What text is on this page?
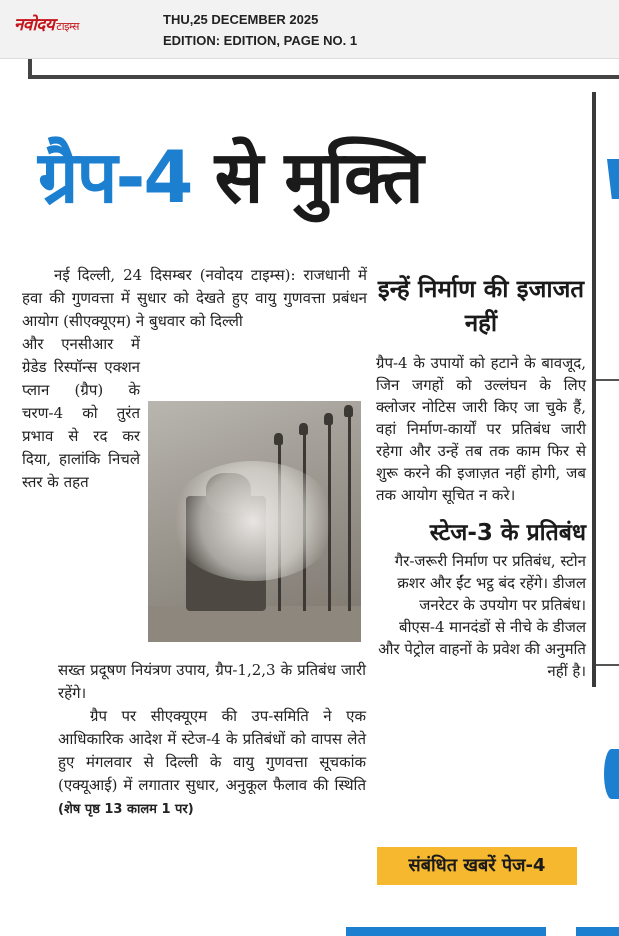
नवोदय टाइम्स	THU,25 DECEMBER 2025
EDITION: EDITION, PAGE NO. 1
ग्रैप-4 से मुक्ति

नई दिल्ली, 24 दिसम्बर (नवोदय टाइम्स): राजधानी में हवा की गुणवत्ता में सुधार को देखते हुए वायु गुणवत्ता प्रबंधन आयोग (सीएक्यूएम) ने बुधवार को दिल्ली

और एनसीआर में ग्रेडेड रिस्पॉन्स एक्शन प्लान (ग्रैप) के चरण-4 को तुरंत प्रभाव से रद कर दिया, हालांकि निचले स्तर के तहत

सख्त प्रदूषण नियंत्रण उपाय, ग्रैप-1,2,3 के प्रतिबंध जारी रहेंगे।

ग्रैप पर सीएक्यूएम की उप-समिति ने एक आधिकारिक आदेश में स्टेज-4 के प्रतिबंधों को वापस लेते हुए मंगलवार से दिल्ली के वायु गुणवत्ता सूचकांक (एक्यूआई) में लगातार सुधार, अनुकूल फैलाव की स्थिति (शेष पृष्ठ 13 कालम 1 पर)

इन्हें निर्माण की इजाजत नहीं
ग्रैप-4 के उपायों को हटाने के बावजूद, जिन जगहों को उल्लंघन के लिए क्लोजर नोटिस जारी किए जा चुके हैं, वहां निर्माण-कार्यों पर प्रतिबंध जारी रहेगा और उन्हें तब तक काम फिर से शुरू करने की इजाज़त नहीं होगी, जब तक आयोग सूचित न करे।
स्टेज-3 के प्रतिबंध
गैर-जरूरी निर्माण पर प्रतिबंध, स्टोन क्रशर और ईंट भट्ठ बंद रहेंगे। डीजल जनरेटर के उपयोग पर प्रतिबंध। बीएस-4 मानदंडों से नीचे के डीजल और पेट्रोल वाहनों के प्रवेश की अनुमति नहीं है।
संबंधित खबरें पेज-4
